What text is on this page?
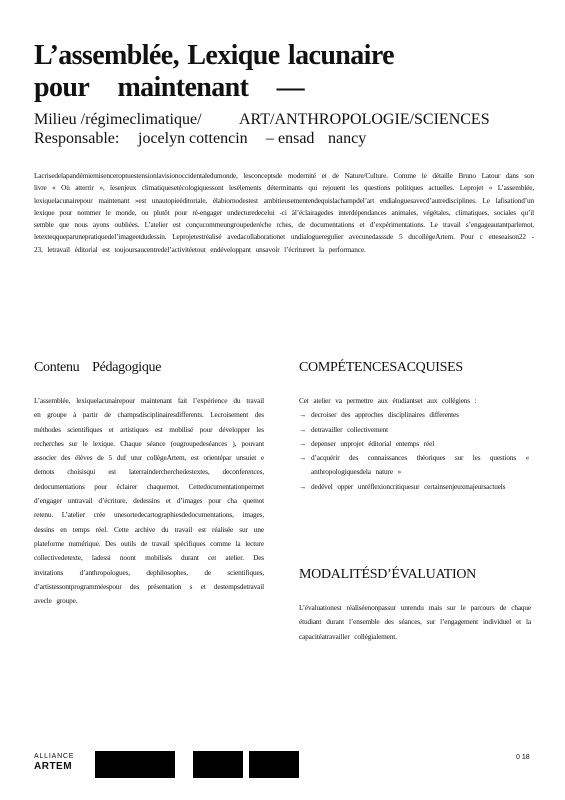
L’assemblée, Lexique lacunaire
pour maintenant —
Milieu /régimeclimatique/	ART/ANTHROPOLOGIE/SCIENCES
Responsable:	jocelyn cottencin	– ensad nancy
Lacrisedelapandémiemisenceroptuestensionlavisionoccidentaledumonde, lesconceptsde modernité et de Nature/Culture. Comme le détaille Bruno Latour dans son livre « Où atterrir », lesenjeux climatiquesetécologiquessont lesélements déterminants qui rejouent les questions politiques actuelles. Leprojet « L’assemblée, lexiquelacunairepour maintenant »est unautopieéditoriale, élabiornodestest ambitieusementendequislachampdel’art endialoguesavecd’autredisciplines. Le lafisationd’un lexique pour nommer le monde, ou plutôt pour ré-engager undecturedecelui -ci àl’éclairagedes interdépendances animales, végétales, climatiques, sociales qu’il semble que nous ayons oubliées. L’atelier est conçucommeungroupederéche rches, de documentations et d’expérimentations. Le travail s’engageautantparlemot, letexteqqueparunepratiquedel’imageetdudessin. Leprojetestréalisé avedacollaborationet undialogueregulier avecunedasssde 5 ducollègeArtem. Pour c etteseaison22 - 23, letravail éditorial est toujoursaucentredel’activitéetout endéveloppant unsavoir l’écritureet la performance.
Contenu Pédagogique
L’assemblée, lexiquelacunairepour maintenant fait l’expérience du travail en groupe à partir de champsdisciplinairesdifferents. Lecroisement des méthodes scientifiques et artistiques est mobilisé pour développer les recherches sur le lexique. Chaque séance (ougroupedeséances ), pouvant associer des élèves de 5 duf utur collègeArtem, est orientépar unsuiet e demots choisisqui est laterraindercherchedestextes, deconferences, dedocumentations pour éclairer chaquemot. Cettedocumentationpermet d’engager untravail d’écriture, dedessins et d’images pour cha quemot retenu. L’atelier crée unesortedecartographiesdedocumentations, images, dessins en temps réel. Cette archive du travail est réalisée sur une plateforme numérique. Des outils de travail spécifiques comme la lecture collectivedetexte, ladessi noont mobilisés durant cet atelier. Des invitations d’anthropologues, dephilosophes, de scientifiques, d’artistessontprogramméespour des présentation s et destempsdetravail avecle groupe.
COMPÉTENCESACQUISES
Cet atelier va permettre aux étudiantset aux collégiens :
→ decroiser des approches disciplinaires differentes
→ detravailler collectivement
→ depenser unprojet éditorial entemps réel
→ d’acquérir des connaissances théoriques sur les questions « anthropologiquesdela nature »
→ dedével opper unréflexioncritiquesur certainsenjeuxmajeursactuels
MODALITÉSD’ÉVALUATION
L’évaluationest réaliséenonpassur unrendu mais sur le parcours de chaque étudiant durant l’ensemble des séances, sur l’engagement individuel et la capacitéatravailler collégialement.
ALLIANCE
ARTEM
0 18
